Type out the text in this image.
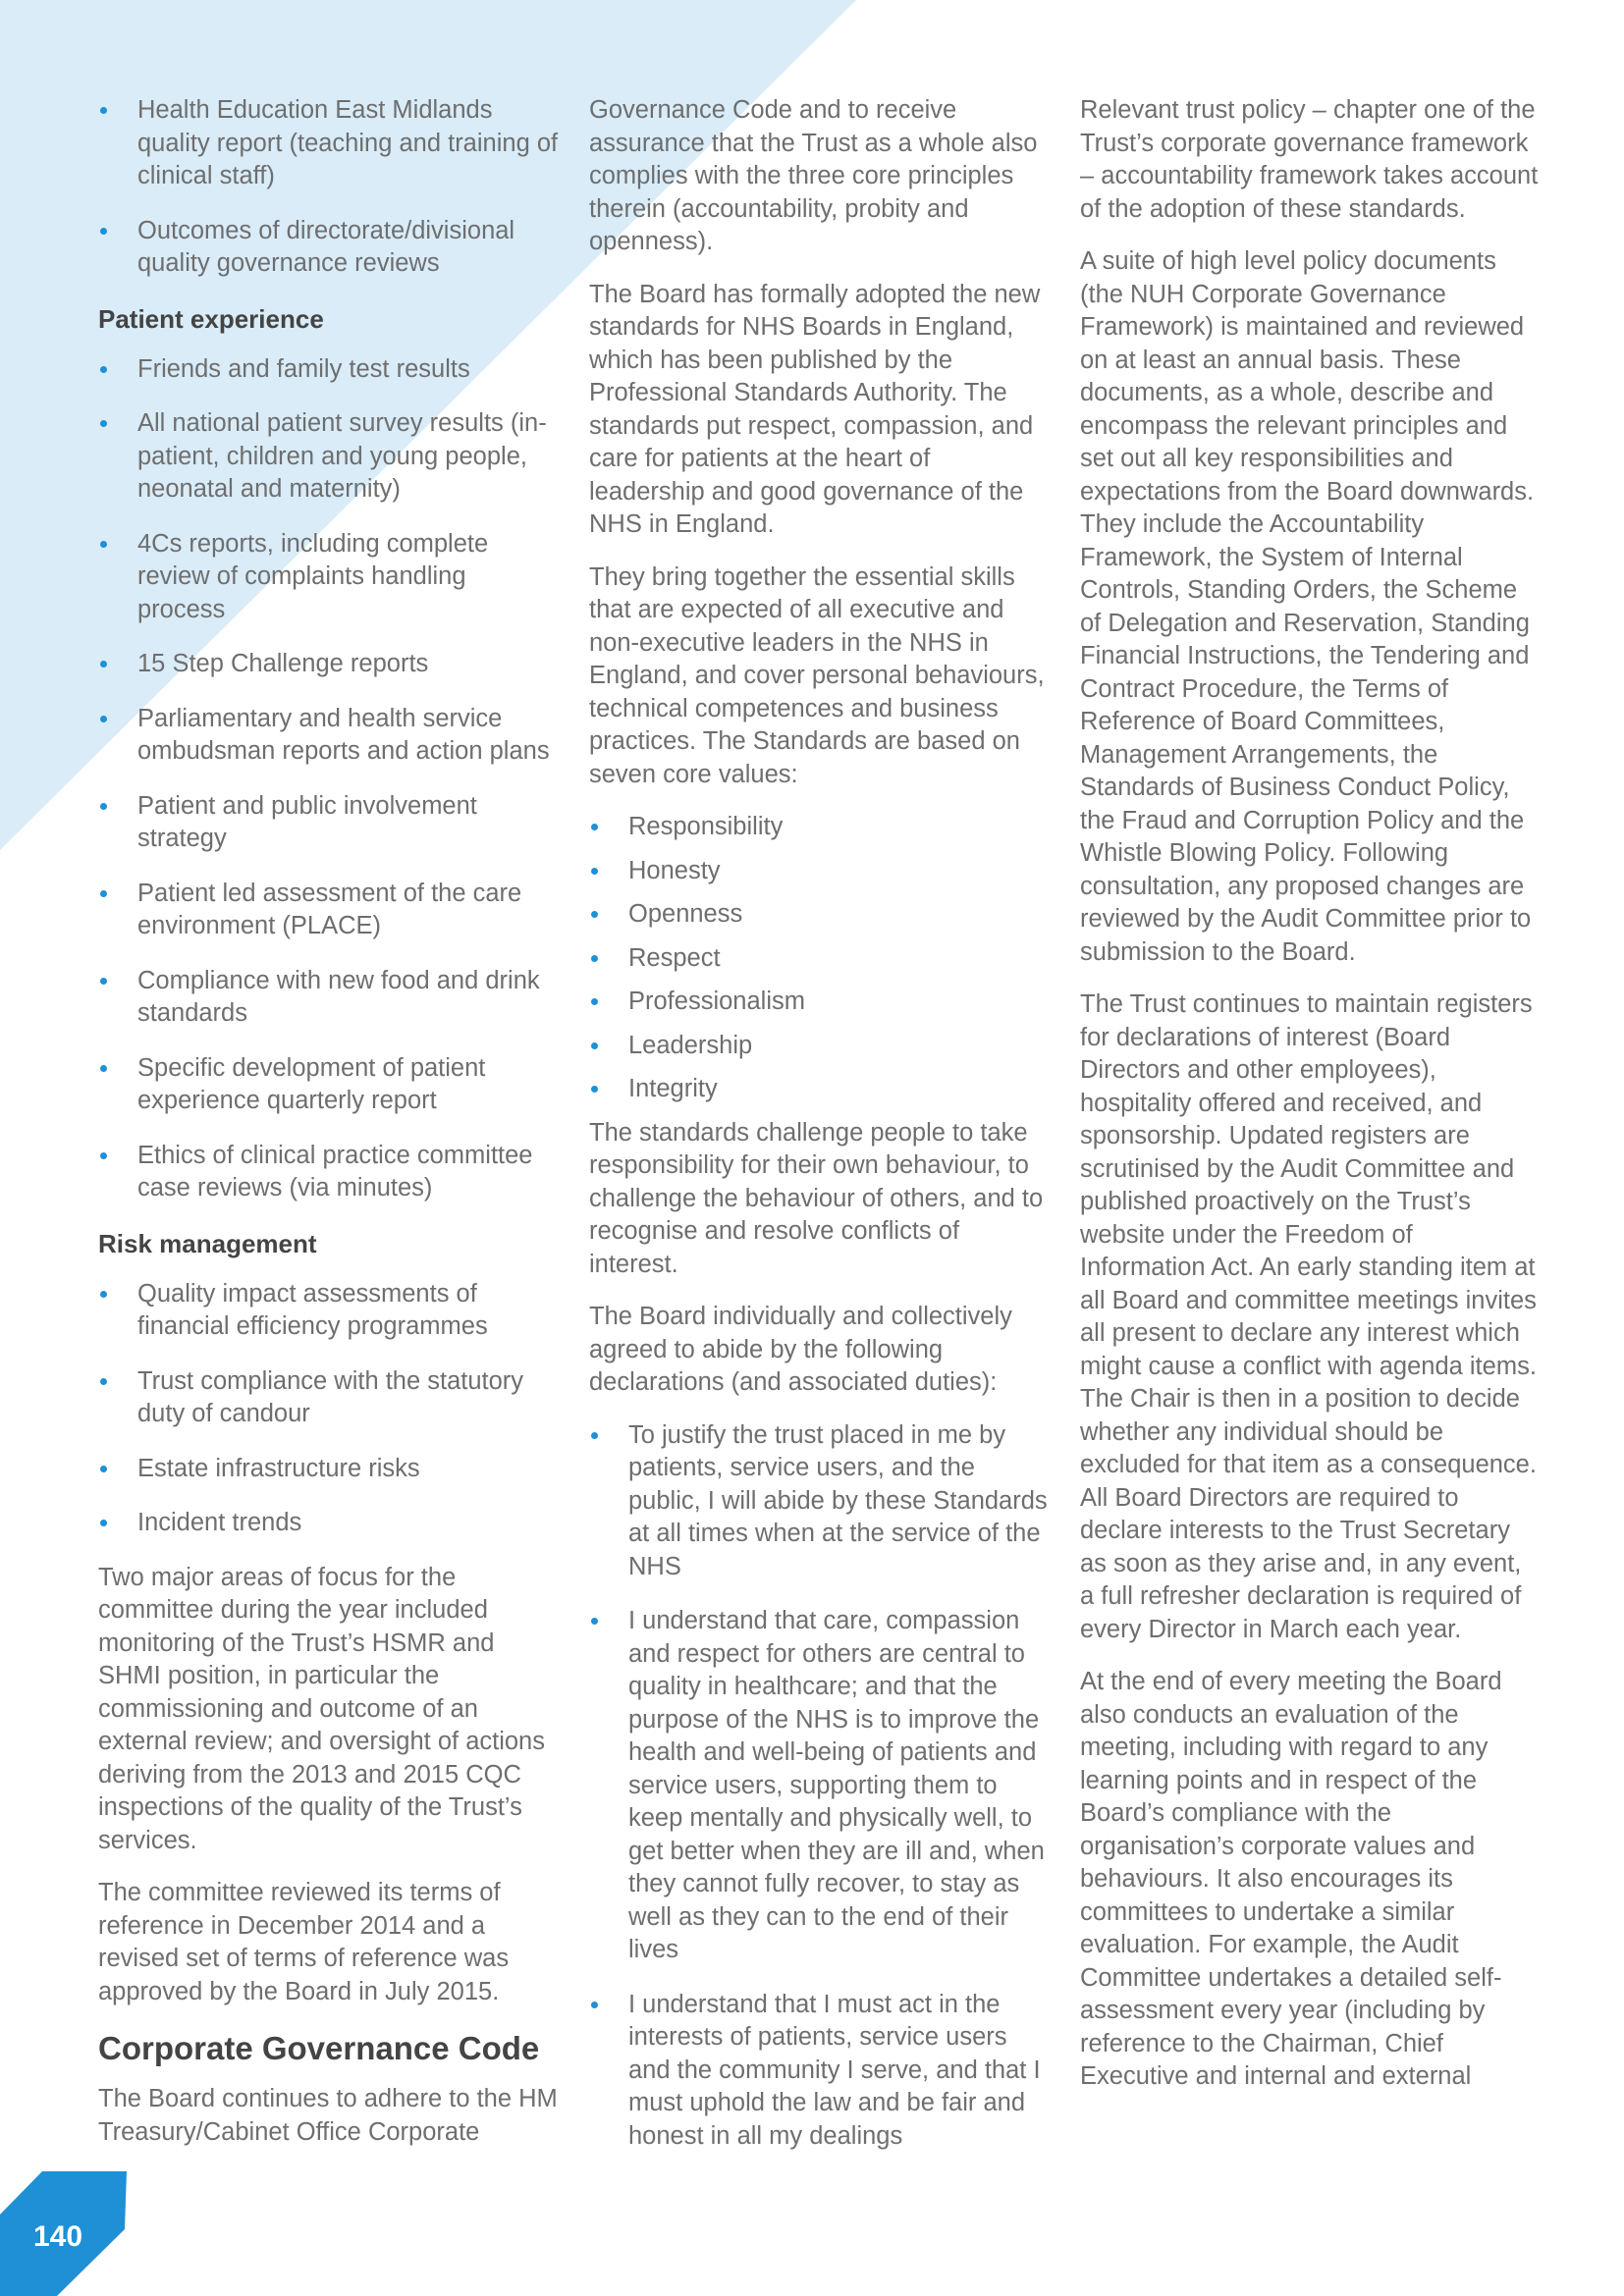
140
Health Education East Midlands quality report (teaching and training of clinical staff)
Outcomes of directorate/divisional quality governance reviews
Patient experience
Friends and family test results
All national patient survey results (in-patient, children and young people, neonatal and maternity)
4Cs reports, including complete review of complaints handling process
15 Step Challenge reports
Parliamentary and health service ombudsman reports and action plans
Patient and public involvement strategy
Patient led assessment of the care environment (PLACE)
Compliance with new food and drink standards
Specific development of patient experience quarterly report
Ethics of clinical practice committee case reviews (via minutes)
Risk management
Quality impact assessments of financial efficiency programmes
Trust compliance with the statutory duty of candour
Estate infrastructure risks
Incident trends

Two major areas of focus for the committee during the year included monitoring of the Trust’s HSMR and SHMI position, in particular the commissioning and outcome of an external review; and oversight of actions deriving from the 2013 and 2015 CQC inspections of the quality of the Trust’s services.

The committee reviewed its terms of reference in December 2014 and a revised set of terms of reference was approved by the Board in July 2015.

Corporate Governance Code

The Board continues to adhere to the HM Treasury/Cabinet Office Corporate

Governance Code and to receive assurance that the Trust as a whole also complies with the three core principles therein (accountability, probity and openness).

The Board has formally adopted the new standards for NHS Boards in England, which has been published by the Professional Standards Authority. The standards put respect, compassion, and care for patients at the heart of leadership and good governance of the NHS in England.

They bring together the essential skills that are expected of all executive and non-executive leaders in the NHS in England, and cover personal behaviours, technical competences and business practices. The Standards are based on seven core values:

Responsibility
Honesty
Openness
Respect
Professionalism
Leadership
Integrity

The standards challenge people to take responsibility for their own behaviour, to challenge the behaviour of others, and to recognise and resolve conflicts of interest.

The Board individually and collectively agreed to abide by the following declarations (and associated duties):

To justify the trust placed in me by patients, service users, and the public, I will abide by these Standards at all times when at the service of the NHS
I understand that care, compassion and respect for others are central to quality in healthcare; and that the purpose of the NHS is to improve the health and well-being of patients and service users, supporting them to keep mentally and physically well, to get better when they are ill and, when they cannot fully recover, to stay as well as they can to the end of their lives
I understand that I must act in the interests of patients, service users and the community I serve, and that I must uphold the law and be fair and honest in all my dealings

Relevant trust policy – chapter one of the Trust’s corporate governance framework – accountability framework takes account of the adoption of these standards.

A suite of high level policy documents (the NUH Corporate Governance Framework) is maintained and reviewed on at least an annual basis. These documents, as a whole, describe and encompass the relevant principles and set out all key responsibilities and expectations from the Board downwards. They include the Accountability Framework, the System of Internal Controls, Standing Orders, the Scheme of Delegation and Reservation, Standing Financial Instructions, the Tendering and Contract Procedure, the Terms of Reference of Board Committees, Management Arrangements, the Standards of Business Conduct Policy, the Fraud and Corruption Policy and the Whistle Blowing Policy. Following consultation, any proposed changes are reviewed by the Audit Committee prior to submission to the Board.

The Trust continues to maintain registers for declarations of interest (Board Directors and other employees), hospitality offered and received, and sponsorship. Updated registers are scrutinised by the Audit Committee and published proactively on the Trust’s website under the Freedom of Information Act. An early standing item at all Board and committee meetings invites all present to declare any interest which might cause a conflict with agenda items. The Chair is then in a position to decide whether any individual should be excluded for that item as a consequence. All Board Directors are required to declare interests to the Trust Secretary as soon as they arise and, in any event, a full refresher declaration is required of every Director in March each year.

At the end of every meeting the Board also conducts an evaluation of the meeting, including with regard to any learning points and in respect of the Board’s compliance with the organisation’s corporate values and behaviours. It also encourages its committees to undertake a similar evaluation. For example, the Audit Committee undertakes a detailed self-assessment every year (including by reference to the Chairman, Chief Executive and internal and external
